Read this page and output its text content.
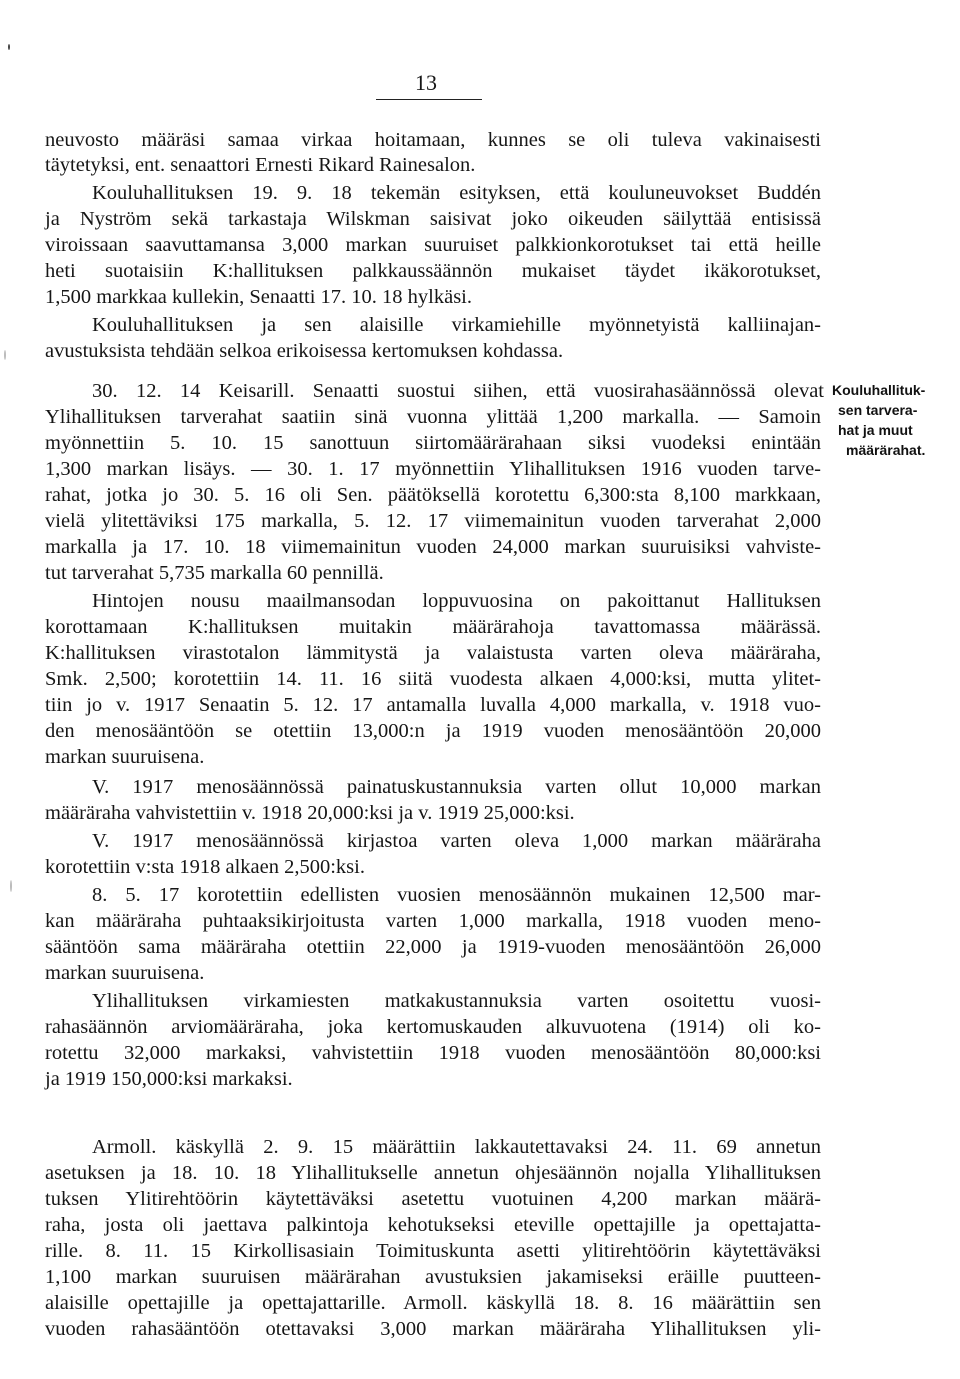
13
neuvosto määräsi samaa virkaa hoitamaan, kunnes se oli tuleva vakinaisesti
täytetyksi, ent. senaattori Ernesti Rikard Rainesalon.
Kouluhallituksen 19. 9. 18 tekemän esityksen, että kouluneuvokset Buddén
ja Nyström sekä tarkastaja Wilskman saisivat joko oikeuden säilyttää entisissä
viroissaan saavuttamansa 3,000 markan suuruiset palkkionkorotukset tai että heille
heti suotaisiin K:hallituksen palkkaussäännön mukaiset täydet ikäkorotukset,
1,500 markkaa kullekin, Senaatti 17. 10. 18 hylkäsi.
Kouluhallituksen ja sen alaisille virkamiehille myönnetyistä kalliinajan-
avustuksista tehdään selkoa erikoisessa kertomuksen kohdassa.
30. 12. 14 Keisarill. Senaatti suostui siihen, että vuosirahasäännössä olevat
Ylihallituksen tarverahat saatiin sinä vuonna ylittää 1,200 markalla. — Samoin
myönnettiin 5. 10. 15 sanottuun siirtomäärärahaan siksi vuodeksi enintään
1,300 markan lisäys. — 30. 1. 17 myönnettiin Ylihallituksen 1916 vuoden tarve-
rahat, jotka jo 30. 5. 16 oli Sen. päätöksellä korotettu 6,300:sta 8,100 markkaan,
vielä ylitettäviksi 175 markalla, 5. 12. 17 viimemainitun vuoden tarverahat 2,000
markalla ja 17. 10. 18 viimemainitun vuoden 24,000 markan suuruisiksi vahviste-
tut tarverahat 5,735 markalla 60 pennillä.
Hintojen nousu maailmansodan loppuvuosina on pakoittanut Hallituksen
korottamaan K:hallituksen muitakin määrärahoja tavattomassa määrässä.
K:hallituksen virastotalon lämmitystä ja valaistusta varten oleva määräraha,
Smk. 2,500; korotettiin 14. 11. 16 siitä vuodesta alkaen 4,000:ksi, mutta ylitet-
tiin jo v. 1917 Senaatin 5. 12. 17 antamalla luvalla 4,000 markalla, v. 1918 vuo-
den menosääntöön se otettiin 13,000:n ja 1919 vuoden menosääntöön 20,000
markan suuruisena.
V. 1917 menosäännössä painatuskustannuksia varten ollut 10,000 markan
määräraha vahvistettiin v. 1918 20,000:ksi ja v. 1919 25,000:ksi.
V. 1917 menosäännössä kirjastoa varten oleva 1,000 markan määräraha
korotettiin v:sta 1918 alkaen 2,500:ksi.
8. 5. 17 korotettiin edellisten vuosien menosäännön mukainen 12,500 mar-
kan määräraha puhtaaksikirjoitusta varten 1,000 markalla, 1918 vuoden meno-
sääntöön sama määräraha otettiin 22,000 ja 1919-vuoden menosääntöön 26,000
markan suuruisena.
Ylihallituksen virkamiesten matkakustannuksia varten osoitettu vuosi-
rahasäännön arviomääräraha, joka kertomuskauden alkuvuotena (1914) oli ko-
rotettu 32,000 markaksi, vahvistettiin 1918 vuoden menosääntöön 80,000:ksi
ja 1919 150,000:ksi markaksi.
Armoll. käskyllä 2. 9. 15 määrättiin lakkautettavaksi 24. 11. 69 annetun
asetuksen ja 18. 10. 18 Ylihallitukselle annetun ohjesäännön nojalla Ylihallituksen
tuksen Ylitirehtöörin käytettäväksi asetettu vuotuinen 4,200 markan määrä-
raha, josta oli jaettava palkintoja kehotukseksi eteville opettajille ja opettajatta-
rille. 8. 11. 15 Kirkollisasiain Toimituskunta asetti ylitirehtöörin käytettäväksi
1,100 markan suuruisen määrärahan avustuksien jakamiseksi eräille puutteen-
alaisille opettajille ja opettajattarille. Armoll. käskyllä 18. 8. 16 määrättiin sen
vuoden rahasääntöön otettavaksi 3,000 markan määräraha Ylihallituksen yli-
Kouluhallituk-
sen tarvera-
hat ja muut
määrärahat.
